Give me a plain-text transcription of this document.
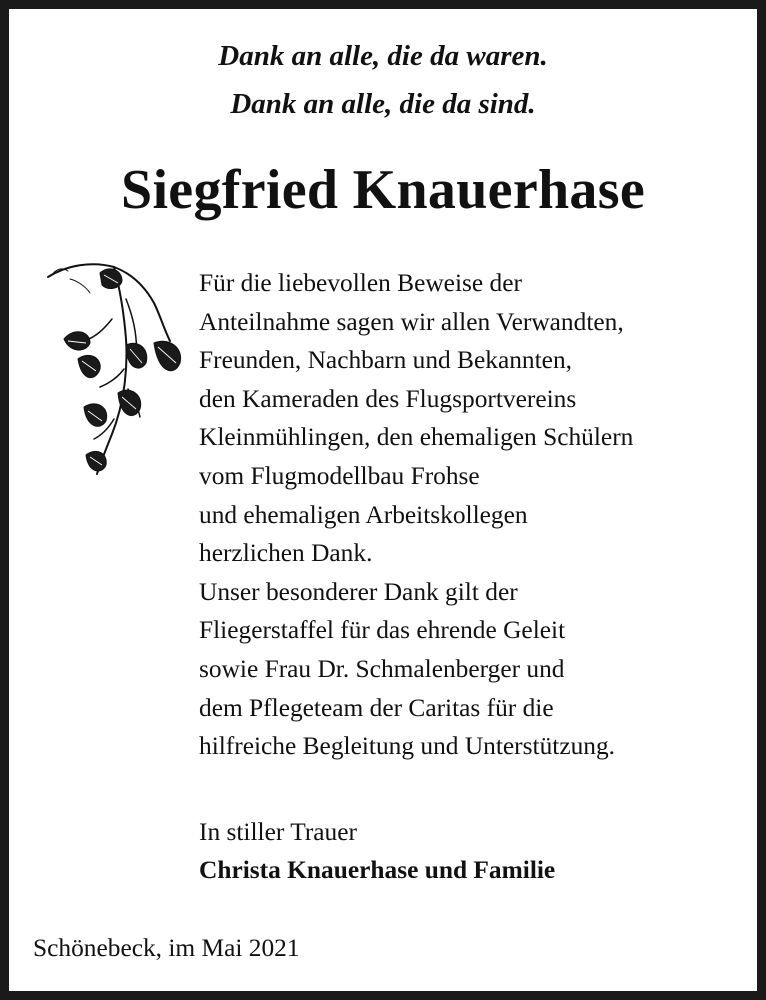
Dank an alle, die da waren.
Dank an alle, die da sind.
Siegfried Knauerhase
Für die liebevollen Beweise der
Anteilnahme sagen wir allen Verwandten,
Freunden, Nachbarn und Bekannten,
den Kameraden des Flugsportvereins
Kleinmühlingen, den ehemaligen Schülern
vom Flugmodellbau Frohse
und ehemaligen Arbeitskollegen
herzlichen Dank.
Unser besonderer Dank gilt der
Fliegerstaffel für das ehrende Geleit
sowie Frau Dr. Schmalenberger und
dem Pflegeteam der Caritas für die
hilfreiche Begleitung und Unterstützung.
In stiller Trauer
Christa Knauerhase und Familie
Schönebeck, im Mai 2021
